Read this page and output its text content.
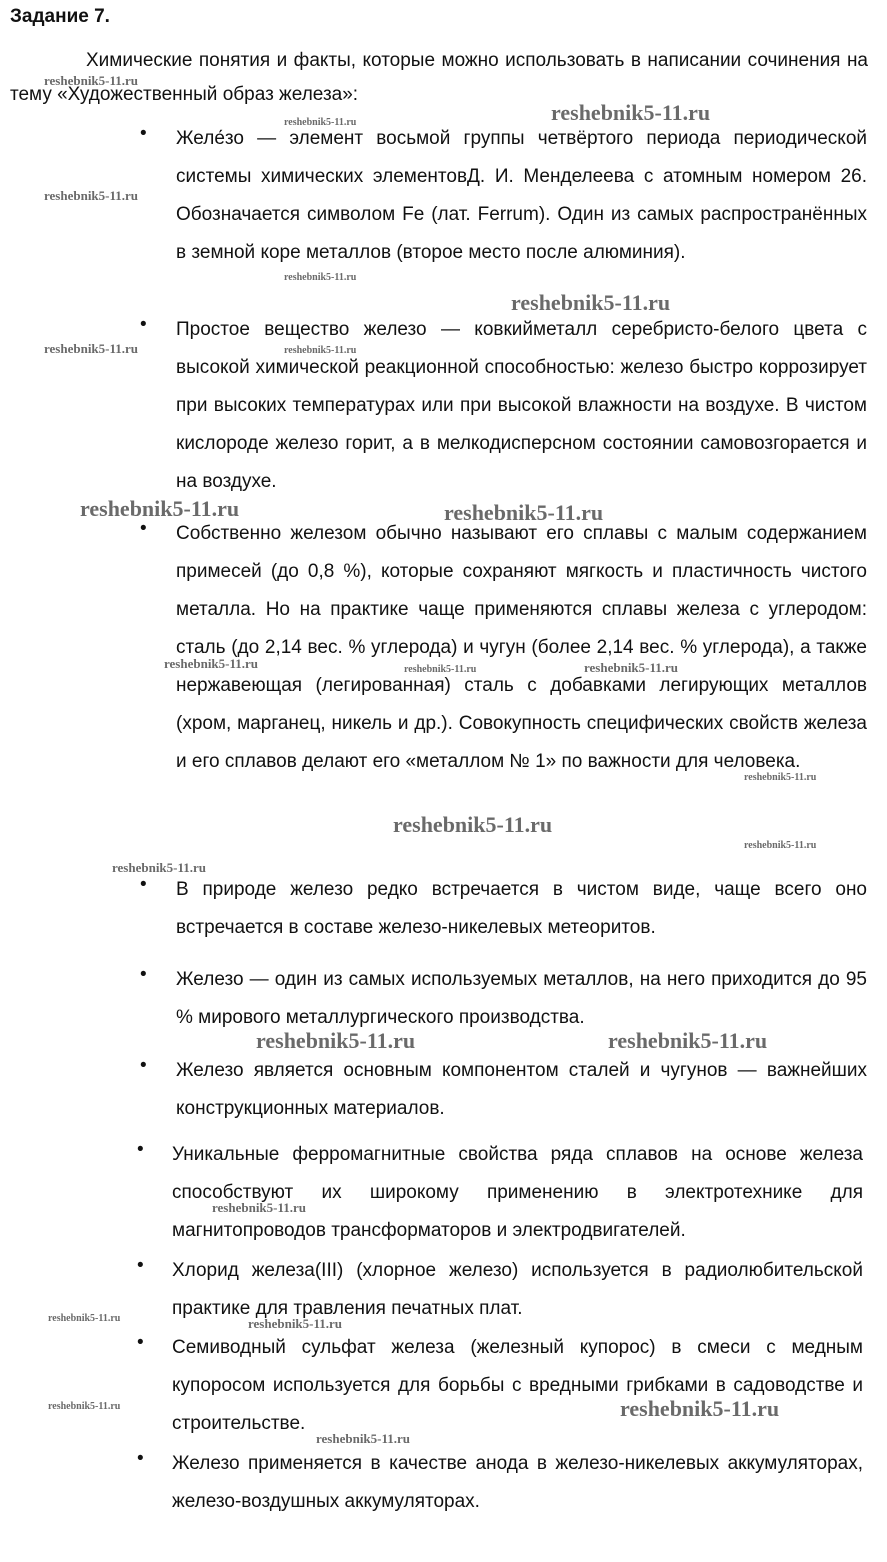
Задание 7.
Химические понятия и факты, которые можно использовать в написании сочинения на тему «Художественный образ железа»:
• Желе́зо — элемент восьмой группы четвёртого периода периодической системы химических элементовД. И. Менделеева с атомным номером 26. Обозначается символом Fe (лат. Ferrum). Один из самых распространённых в земной коре металлов (второе место после алюминия).
• Простое вещество железо — ковкийметалл серебристо-белого цвета с высокой химической реакционной способностью: железо быстро коррозирует при высоких температурах или при высокой влажности на воздухе. В чистом кислороде железо горит, а в мелкодисперсном состоянии самовозгорается и на воздухе.
• Собственно железом обычно называют его сплавы с малым содержанием примесей (до 0,8 %), которые сохраняют мягкость и пластичность чистого металла. Но на практике чаще применяются сплавы железа с углеродом: сталь (до 2,14 вес. % углерода) и чугун (более 2,14 вес. % углерода), а также нержавеющая (легированная) сталь с добавками легирующих металлов (хром, марганец, никель и др.). Совокупность специфических свойств железа и его сплавов делают его «металлом № 1» по важности для человека.
• В природе железо редко встречается в чистом виде, чаще всего оно встречается в составе железо-никелевых метеоритов.
• Железо — один из самых используемых металлов, на него приходится до 95 % мирового металлургического производства.
• Железо является основным компонентом сталей и чугунов — важнейших конструкционных материалов.
• Уникальные ферромагнитные свойства ряда сплавов на основе железа способствуют их широкому применению в электротехнике для магнитопроводов трансформаторов и электродвигателей.
• Хлорид железа(III) (хлорное железо) используется в радиолюбительской практике для травления печатных плат.
• Семиводный сульфат железа (железный купорос) в смеси с медным купоросом используется для борьбы с вредными грибками в садоводстве и строительстве.
• Железо применяется в качестве анода в железо-никелевых аккумуляторах, железо-воздушных аккумуляторах.
reshebnik5-11.ru
reshebnik5-11.ru
reshebnik5-11.ru
reshebnik5-11.ru
reshebnik5-11.ru
reshebnik5-11.ru
reshebnik5-11.ru	reshebnik5-11.ru
reshebnik5-11.ru	reshebnik5-11.ru
reshebnik5-11.ru	reshebnik5-11.ru	reshebnik5-11.ru
reshebnik5-11.ru
reshebnik5-11.ru
reshebnik5-11.ru
reshebnik5-11.ru
reshebnik5-11.ru	reshebnik5-11.ru
reshebnik5-11.ru
reshebnik5-11.ru	reshebnik5-11.ru
reshebnik5-11.ru	reshebnik5-11.ru
reshebnik5-11.ru
